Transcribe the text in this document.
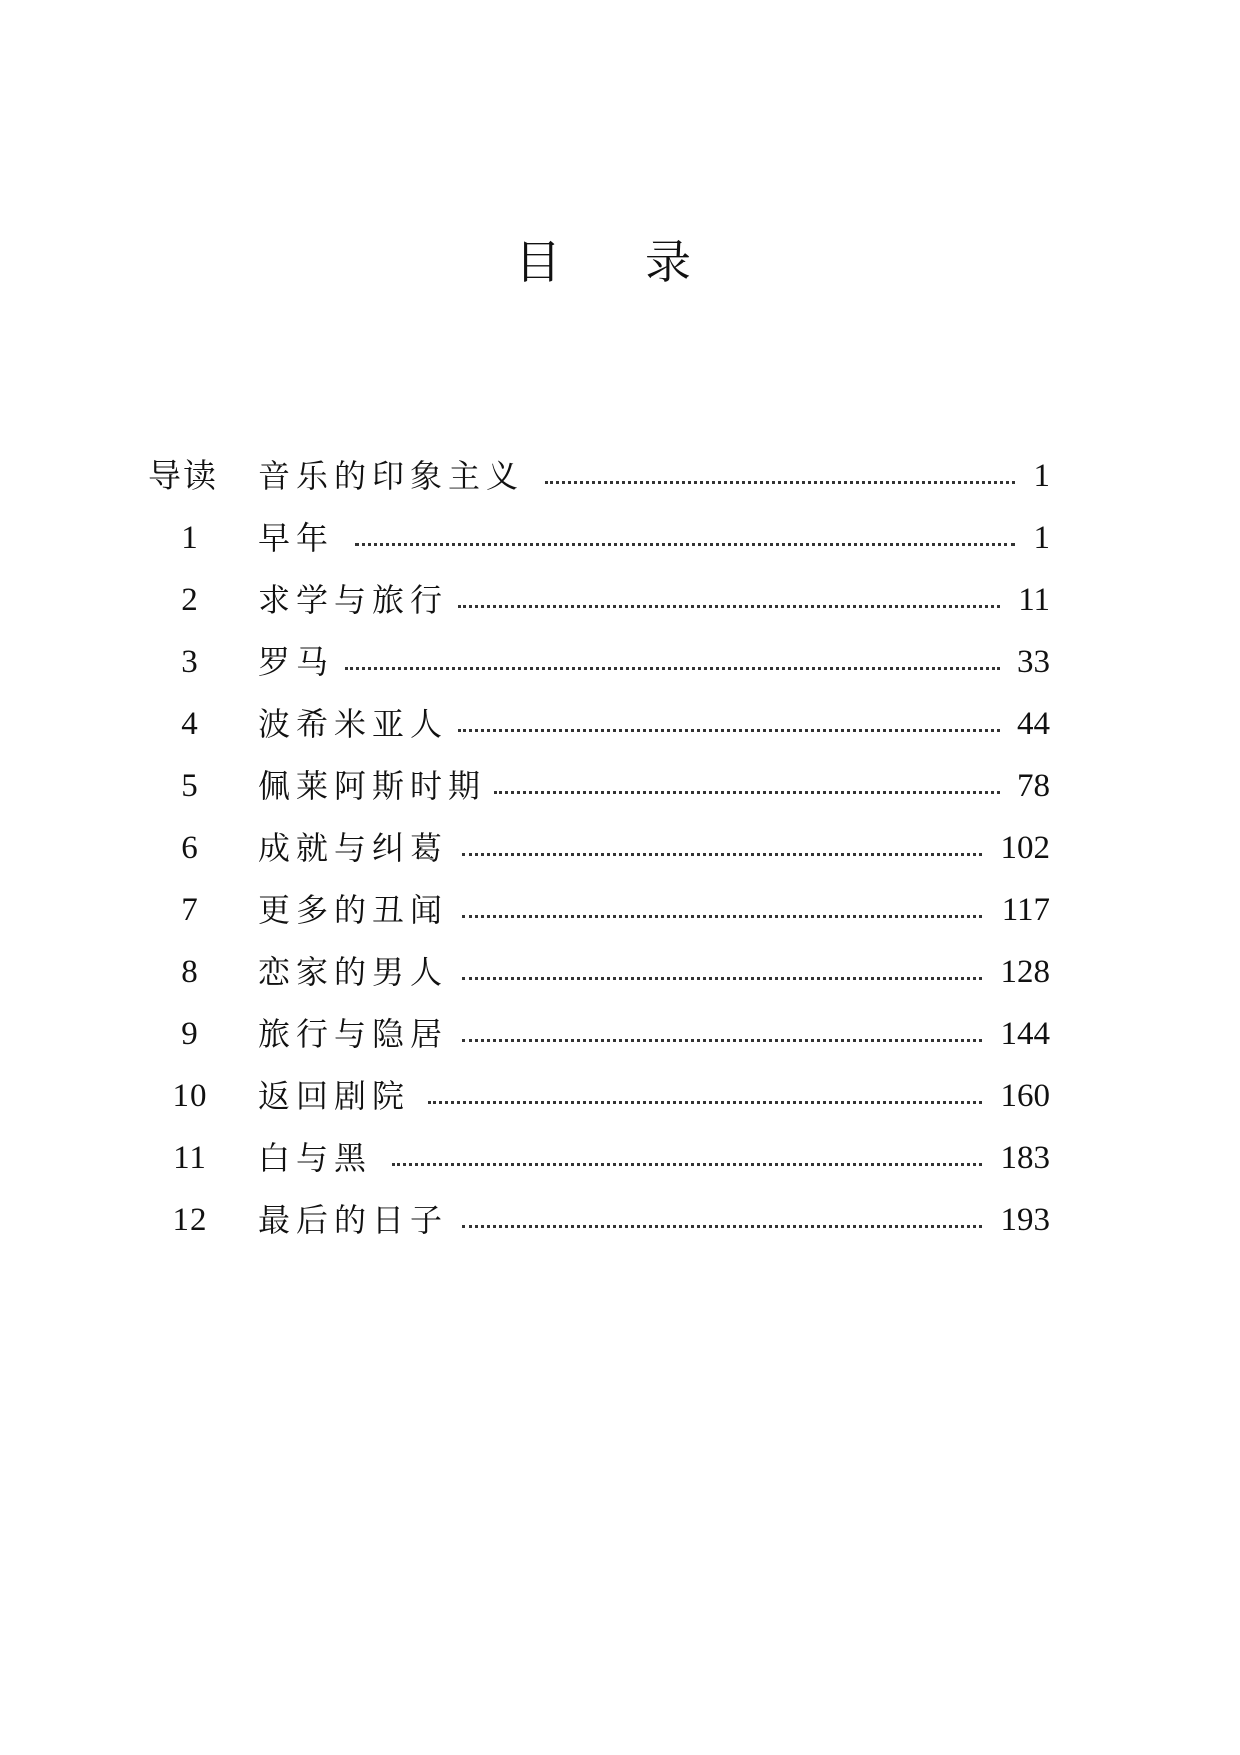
目 录
导读	音乐的印象主义	1
1	早年	1
2	求学与旅行	11
3	罗马	33
4	波希米亚人	44
5	佩莱阿斯时期	78
6	成就与纠葛	102
7	更多的丑闻	117
8	恋家的男人	128
9	旅行与隐居	144
10	返回剧院	160
11	白与黑	183
12	最后的日子	193
